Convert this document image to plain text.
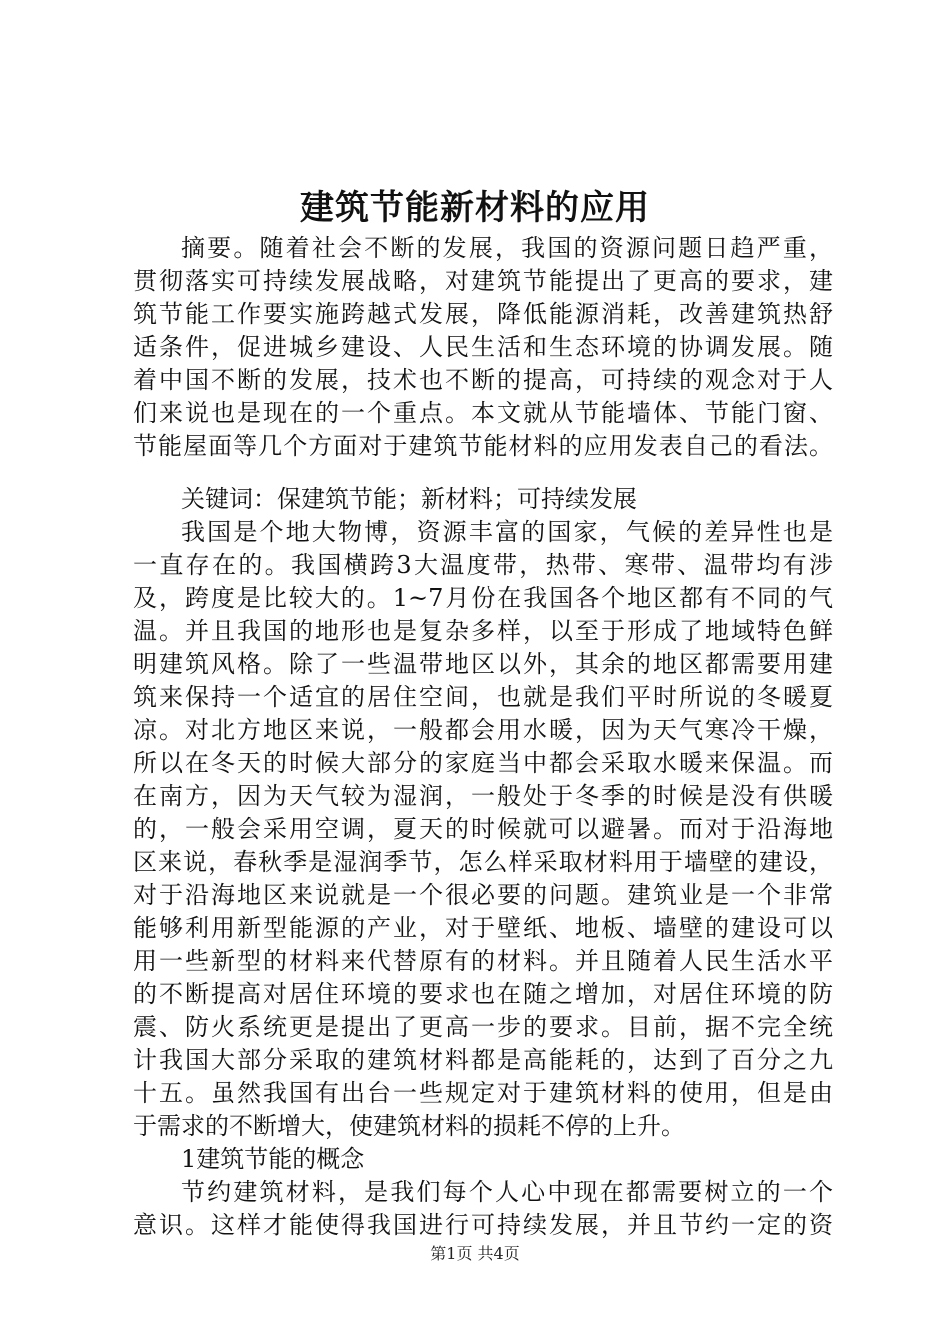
建筑节能新材料的应用
摘要。随着社会不断的发展，我国的资源问题日趋严重，
贯彻落实可持续发展战略，对建筑节能提出了更高的要求，建
筑节能工作要实施跨越式发展，降低能源消耗，改善建筑热舒
适条件，促进城乡建设、人民生活和生态环境的协调发展。随
着中国不断的发展，技术也不断的提高，可持续的观念对于人
们来说也是现在的一个重点。本文就从节能墙体、节能门窗、
节能屋面等几个方面对于建筑节能材料的应用发表自己的看法。
关键词：保建筑节能；新材料；可持续发展
我国是个地大物博，资源丰富的国家，气候的差异性也是
一直存在的。我国横跨3大温度带，热带、寒带、温带均有涉
及，跨度是比较大的。1~7月份在我国各个地区都有不同的气
温。并且我国的地形也是复杂多样，以至于形成了地域特色鲜
明建筑风格。除了一些温带地区以外，其余的地区都需要用建
筑来保持一个适宜的居住空间，也就是我们平时所说的冬暖夏
凉。对北方地区来说，一般都会用水暖，因为天气寒冷干燥，
所以在冬天的时候大部分的家庭当中都会采取水暖来保温。而
在南方，因为天气较为湿润，一般处于冬季的时候是没有供暖
的，一般会采用空调，夏天的时候就可以避暑。而对于沿海地
区来说，春秋季是湿润季节，怎么样采取材料用于墙壁的建设，
对于沿海地区来说就是一个很必要的问题。建筑业是一个非常
能够利用新型能源的产业，对于壁纸、地板、墙壁的建设可以
用一些新型的材料来代替原有的材料。并且随着人民生活水平
的不断提高对居住环境的要求也在随之增加，对居住环境的防
震、防火系统更是提出了更高一步的要求。目前，据不完全统
计我国大部分采取的建筑材料都是高能耗的，达到了百分之九
十五。虽然我国有出台一些规定对于建筑材料的使用，但是由
于需求的不断增大，使建筑材料的损耗不停的上升。
1建筑节能的概念
节约建筑材料，是我们每个人心中现在都需要树立的一个
意识。这样才能使得我国进行可持续发展，并且节约一定的资
第1页 共4页
